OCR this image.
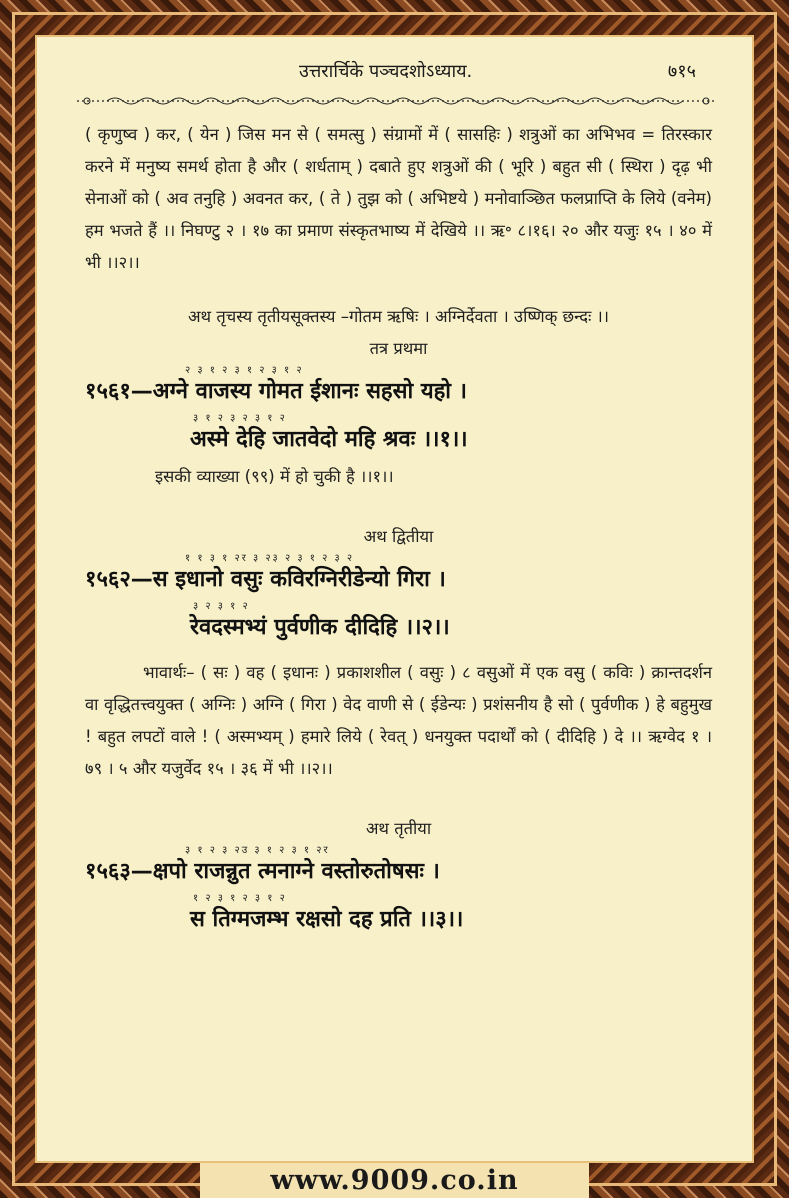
उत्तरार्चिके पञ्चदशोऽध्याय.	७१५

( कृणुष्व ) कर, ( येन ) जिस मन से ( समत्सु ) संग्रामों में ( सासहिः ) शत्रुओं का अभिभव = तिरस्कार करने में मनुष्य समर्थ होता है और ( शर्धताम् ) दबाते हुए शत्रुओं की ( भूरि ) बहुत सी ( स्थिरा ) दृढ़ भी सेनाओं को ( अव तनुहि ) अवनत कर, ( ते ) तुझ को ( अभिष्टये ) मनोवाञ्छित फलप्राप्ति के लिये (वनेम) हम भजते हैं ।। निघण्टु २ । १७ का प्रमाण संस्कृतभाष्य में देखिये ।। ऋ॰ ८।१६। २० और यजुः १५ । ४० में भी ।।२।।

अथ तृचस्य तृतीयसूक्तस्य –गोतम ऋषिः । अग्निर्देवता । उष्णिक् छन्दः ।।

तत्र प्रथमा

२ ३ १ २ ३ १ २ ३ १ २
१५६१—अग्ने वाजस्य गोमत ईशानः सहसो यहो ।
३ १ २ ३ २ ३ १ २
अस्मे देहि जातवेदो महि श्रवः ।।१।।

इसकी व्याख्या (९९) में हो चुकी है ।।१।।

अथ द्वितीया

१ १ ३ १ २र ३ २३ २ ३ १ २ ३ २
१५६२—स इधानो वसुः कविरग्निरीडेन्यो गिरा ।
३ २ ३ १ २
रेवदस्मभ्यं पुर्वणीक दीदिहि ।।२।।

भावार्थः– ( सः ) वह ( इधानः ) प्रकाशशील ( वसुः ) ८ वसुओं में एक वसु ( कविः ) क्रान्तदर्शन वा वृद्धितत्त्वयुक्त ( अग्निः ) अग्नि ( गिरा ) वेद वाणी से ( ईडेन्यः ) प्रशंसनीय है सो ( पुर्वणीक ) हे बहुमुख ! बहुत लपटों वाले ! ( अस्मभ्यम् ) हमारे लिये ( रेवत् ) धनयुक्त पदार्थों को ( दीदिहि ) दे ।। ऋग्वेद १ । ७९ । ५ और यजुर्वेद १५ । ३६ में भी ।।२।।

अथ तृतीया

३ १ २ ३ २उ ३ १ २ ३ १ २र
१५६३—क्षपो राजन्नुत त्मनाग्ने वस्तोरुतोषसः ।
१ २ ३ १ २ ३ १ २
स तिग्मजम्भ रक्षसो दह प्रति ।।३।।
www.9009.co.in
